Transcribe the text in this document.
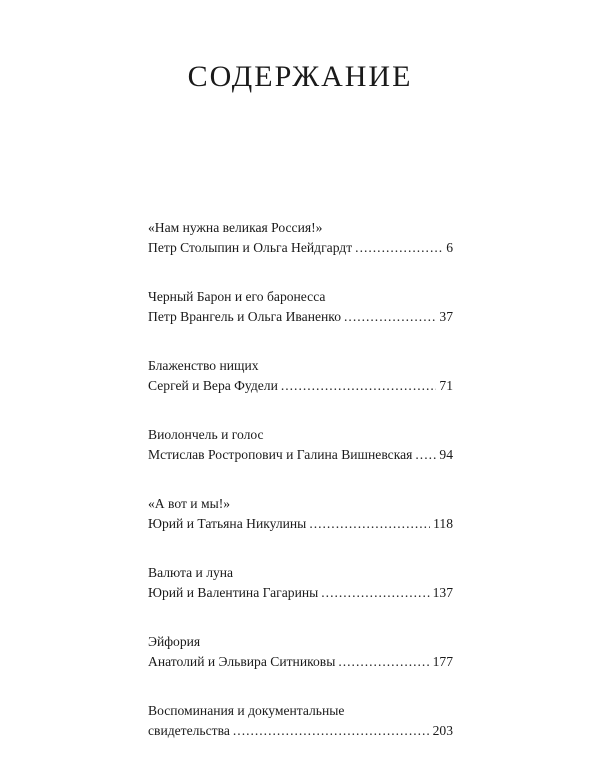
СОДЕРЖАНИЕ
«Нам нужна великая Россия!»
Петр Столыпин и Ольга Нейдгардт .....	6
Черный Барон и его баронесса
Петр Врангель и Ольга Иваненко .....	37
Блаженство нищих
Сергей и Вера Фудели .....	71
Виолончель и голос
Мстислав Ростропович и Галина Вишневская ..... 94
«А вот и мы!»
Юрий и Татьяна Никулины .....	118
Валюта и луна
Юрий и Валентина Гагарины .....	137
Эйфория
Анатолий и Эльвира Ситниковы .....	177
Воспоминания и документальные
свидетельства .....	203
